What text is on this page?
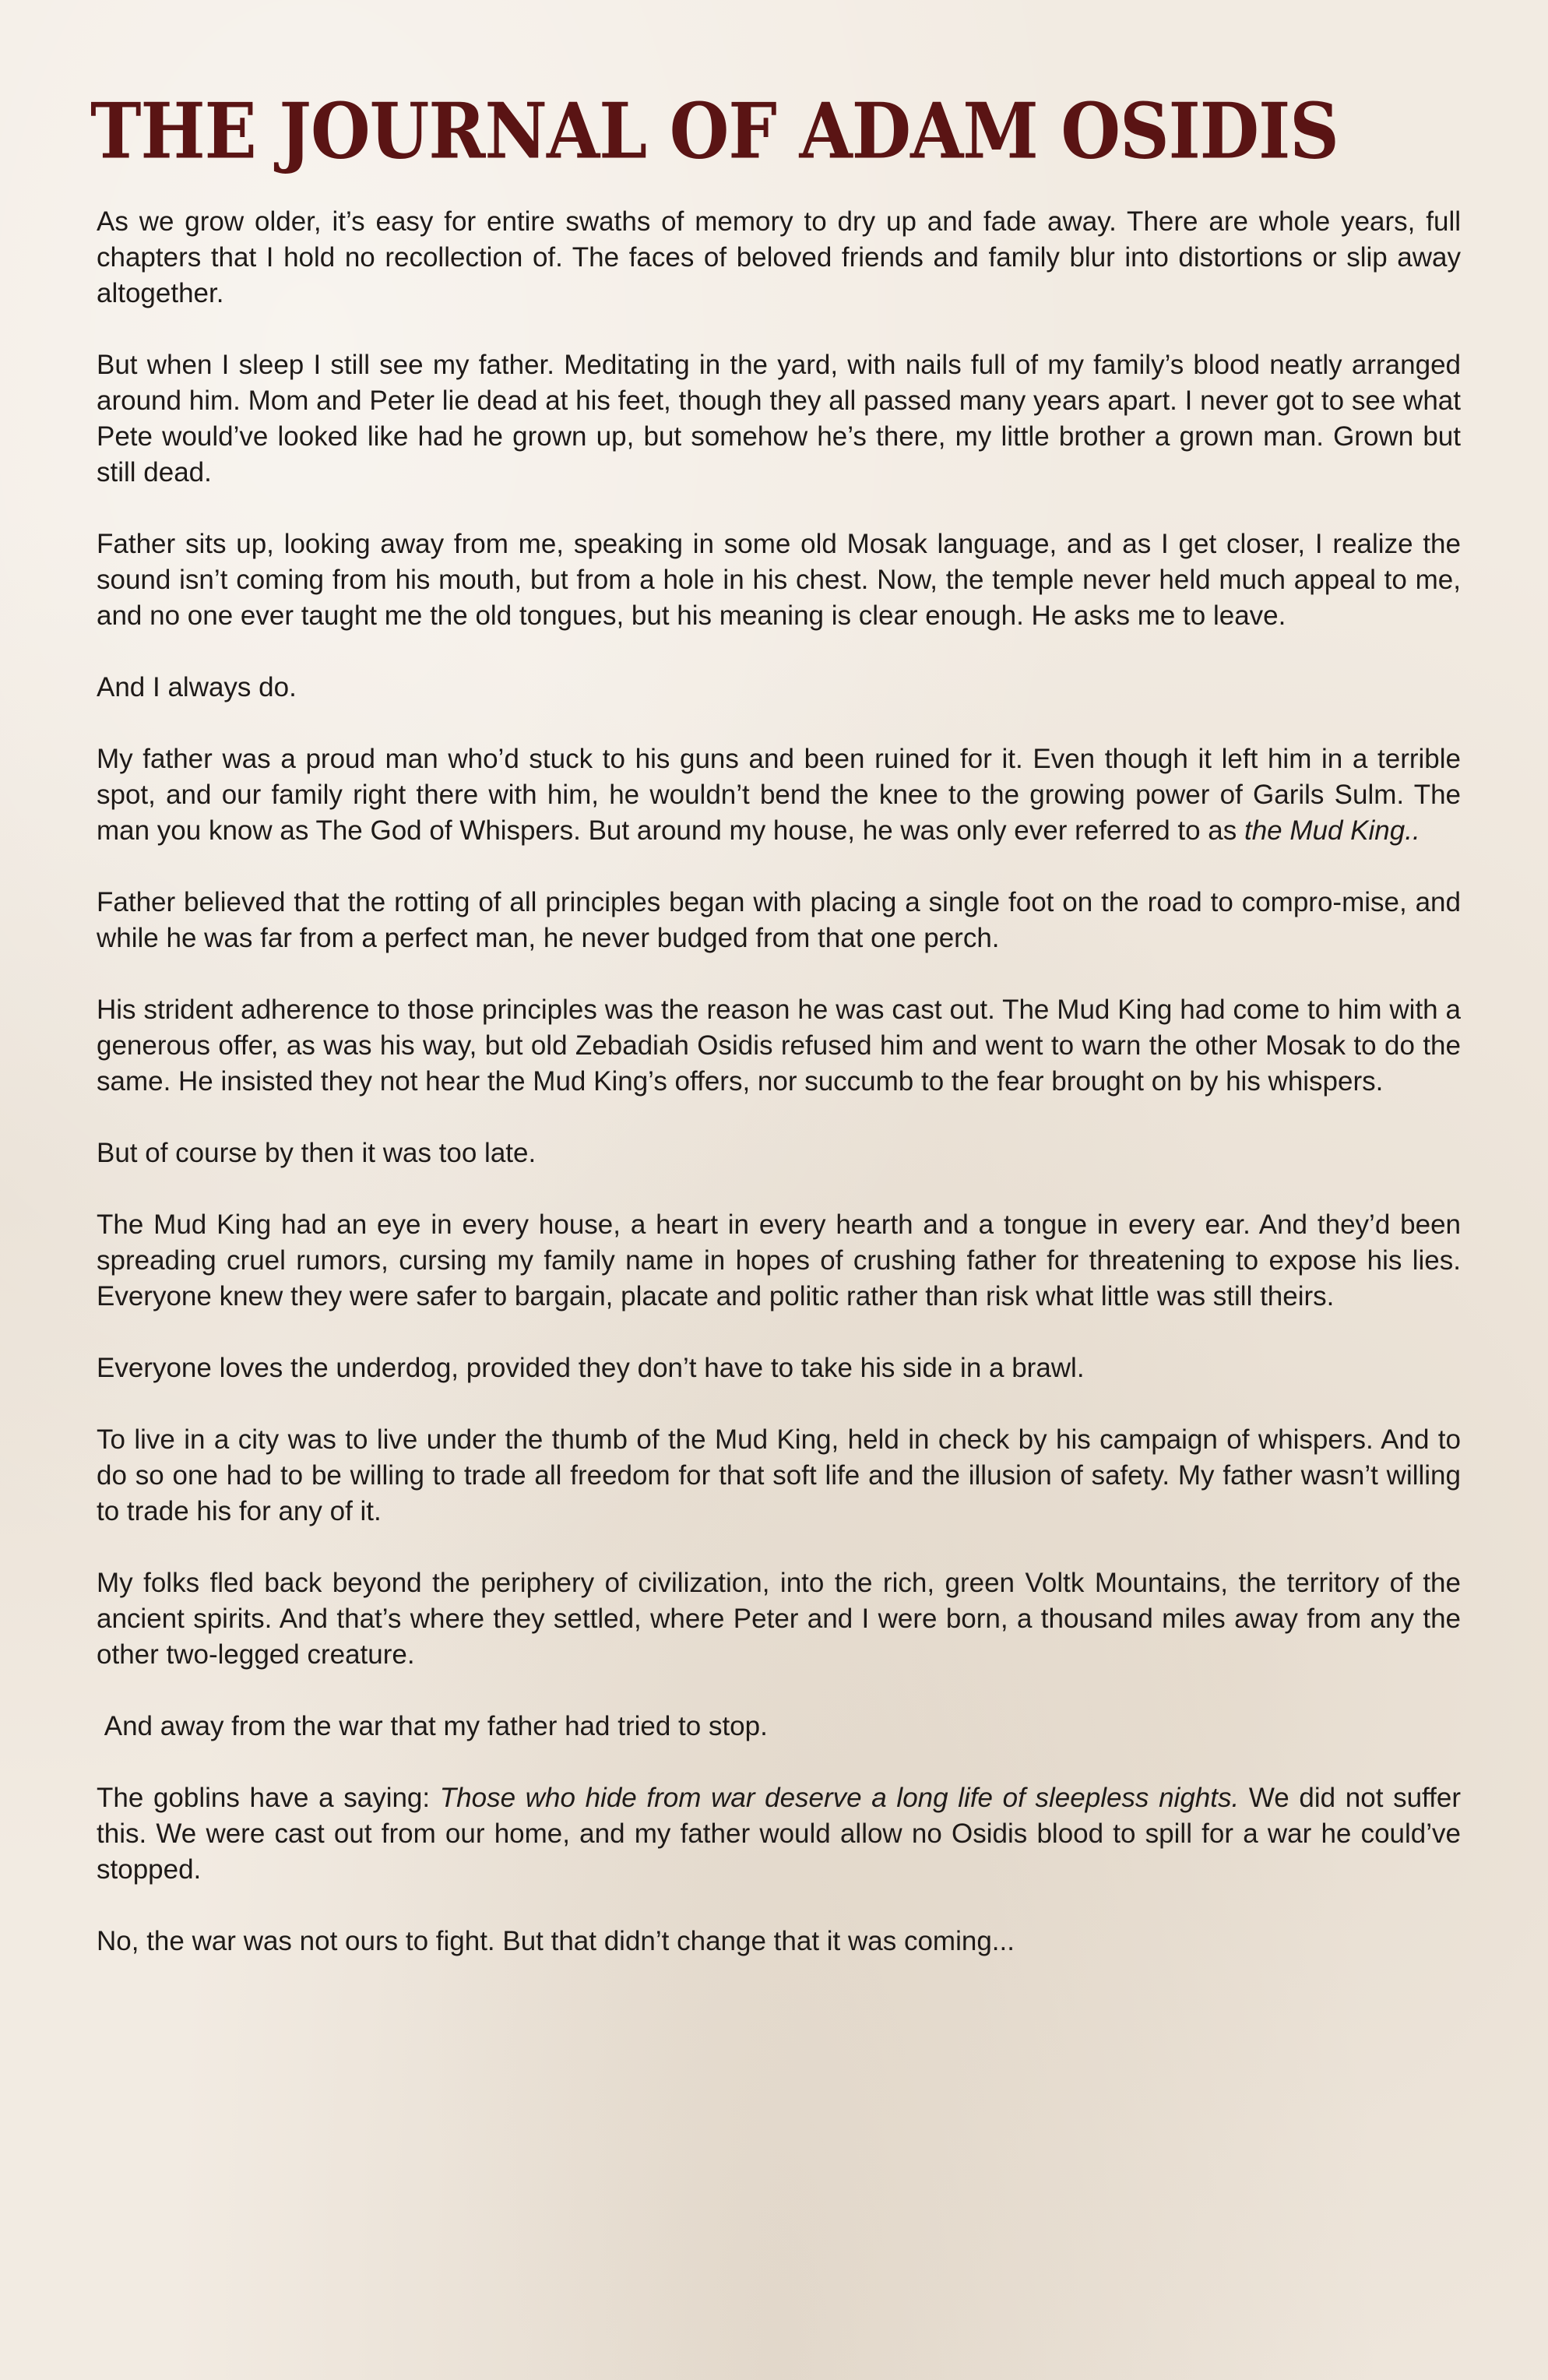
THE JOURNAL OF ADAM OSIDIS

As we grow older, it’s easy for entire swaths of memory to dry up and fade away. There are whole years, full chapters that I hold no recollection of. The faces of beloved friends and family blur into distortions or slip away altogether.

But when I sleep I still see my father. Meditating in the yard, with nails full of my family’s blood neatly arranged around him. Mom and Peter lie dead at his feet, though they all passed many years apart. I never got to see what Pete would’ve looked like had he grown up, but somehow he’s there, my little brother a grown man. Grown but still dead.

Father sits up, looking away from me, speaking in some old Mosak language, and as I get closer, I realize the sound isn’t coming from his mouth, but from a hole in his chest. Now, the temple never held much appeal to me, and no one ever taught me the old tongues, but his meaning is clear enough. He asks me to leave.

And I always do.

My father was a proud man who’d stuck to his guns and been ruined for it. Even though it left him in a terrible spot, and our family right there with him, he wouldn’t bend the knee to the growing power of Garils Sulm. The man you know as The God of Whispers. But around my house, he was only ever referred to as the Mud King..

Father believed that the rotting of all principles began with placing a single foot on the road to compro-mise, and while he was far from a perfect man, he never budged from that one perch.

His strident adherence to those principles was the reason he was cast out. The Mud King had come to him with a generous offer, as was his way, but old Zebadiah Osidis refused him and went to warn the other Mosak to do the same. He insisted they not hear the Mud King’s offers, nor succumb to the fear brought on by his whispers.

But of course by then it was too late.

The Mud King had an eye in every house, a heart in every hearth and a tongue in every ear. And they’d been spreading cruel rumors, cursing my family name in hopes of crushing father for threatening to expose his lies. Everyone knew they were safer to bargain, placate and politic rather than risk what little was still theirs.

Everyone loves the underdog, provided they don’t have to take his side in a brawl.

To live in a city was to live under the thumb of the Mud King, held in check by his campaign of whispers. And to do so one had to be willing to trade all freedom for that soft life and the illusion of safety. My father wasn’t willing to trade his for any of it.

My folks fled back beyond the periphery of civilization, into the rich, green Voltk Mountains, the territory of the ancient spirits. And that’s where they settled, where Peter and I were born, a thousand miles away from any the other two-legged creature.

And away from the war that my father had tried to stop.

The goblins have a saying: Those who hide from war deserve a long life of sleepless nights. We did not suffer this. We were cast out from our home, and my father would allow no Osidis blood to spill for a war he could’ve stopped.

No, the war was not ours to fight. But that didn’t change that it was coming...
